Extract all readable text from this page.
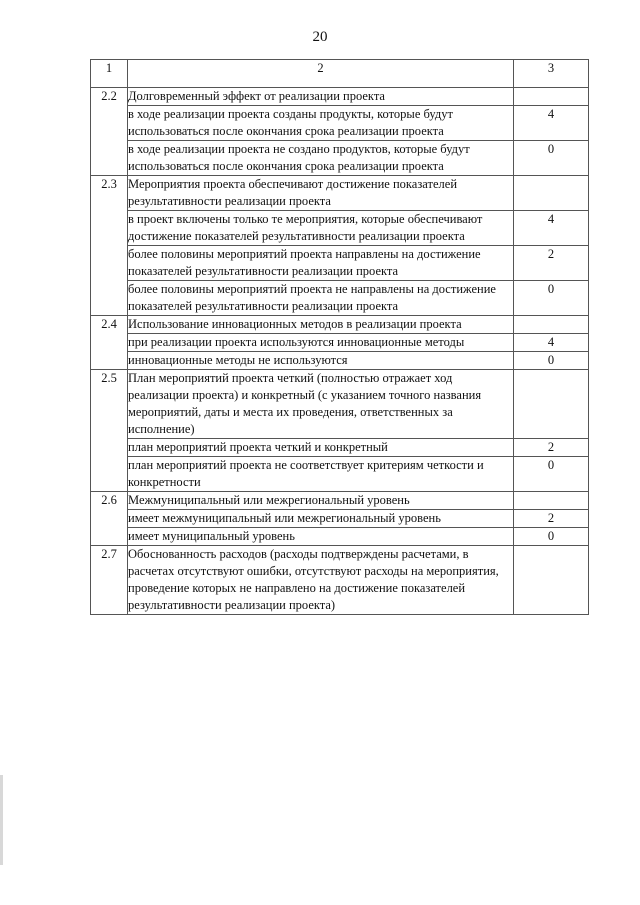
20
1	2	3
2.2	Долговременный эффект от реализации проекта	
	в ходе реализации проекта созданы продукты, которые будут использоваться после окончания срока реализации проекта	4
	в ходе реализации проекта не создано продуктов, которые будут использоваться после окончания срока реализации проекта	0
2.3	Мероприятия проекта обеспечивают достижение показателей результативности реализации проекта	
	в проект включены только те мероприятия, которые обеспечивают достижение показателей результативности реализации проекта	4
	более половины мероприятий проекта направлены на достижение показателей результативности реализации проекта	2
	более половины мероприятий проекта не направлены на достижение показателей результативности реализации проекта	0
2.4	Использование инновационных методов в реализации проекта	
	при реализации проекта используются инновационные методы	4
	инновационные методы не используются	0
2.5	План мероприятий проекта четкий (полностью отражает ход реализации проекта) и конкретный (с указанием точного названия мероприятий, даты и места их проведения, ответственных за исполнение)	
	план мероприятий проекта четкий и конкретный	2
	план мероприятий проекта не соответствует критериям четкости и конкретности	0
2.6	Межмуниципальный или межрегиональный уровень	
	имеет межмуниципальный или межрегиональный уровень	2
	имеет муниципальный уровень	0
2.7	Обоснованность расходов (расходы подтверждены расчетами, в расчетах отсутствуют ошибки, отсутствуют расходы на мероприятия, проведение которых не направлено на достижение показателей результативности реализации проекта)	
